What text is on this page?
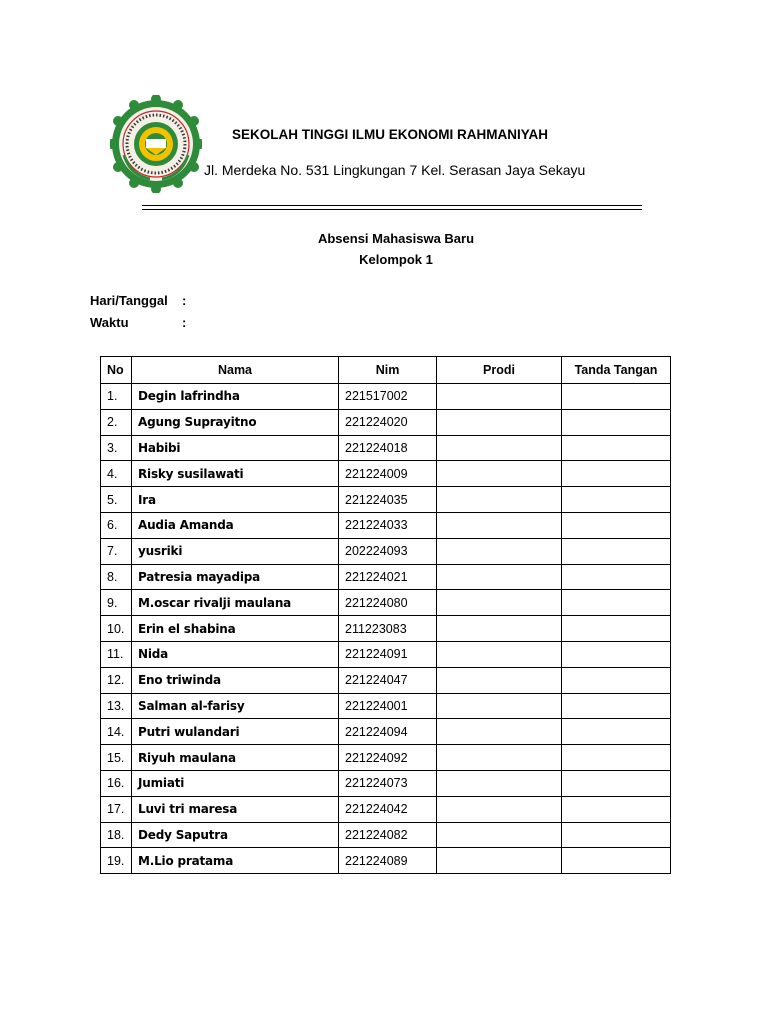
SEKOLAH TINGGI ILMU EKONOMI RAHMANIYAH
Jl. Merdeka No. 531 Lingkungan 7 Kel. Serasan Jaya Sekayu
Absensi Mahasiswa Baru
Kelompok 1
Hari/Tanggal :
Waktu	:
No	Nama	Nim	Prodi	Tanda Tangan
1.	Degin lafrindha	221517002		
2.	Agung Suprayitno	221224020		
3.	Habibi	221224018		
4.	Risky susilawati	221224009		
5.	Ira	221224035		
6.	Audia Amanda	221224033		
7.	yusriki	202224093		
8.	Patresia mayadipa	221224021		
9.	M.oscar rivalji maulana	221224080		
10.	Erin el shabina	211223083		
11.	Nida	221224091		
12.	Eno triwinda	221224047		
13.	Salman al-farisy	221224001		
14.	Putri wulandari	221224094		
15.	Riyuh maulana	221224092		
16.	Jumiati	221224073		
17.	Luvi tri maresa	221224042		
18.	Dedy Saputra	221224082		
19.	M.Lio pratama	221224089		
